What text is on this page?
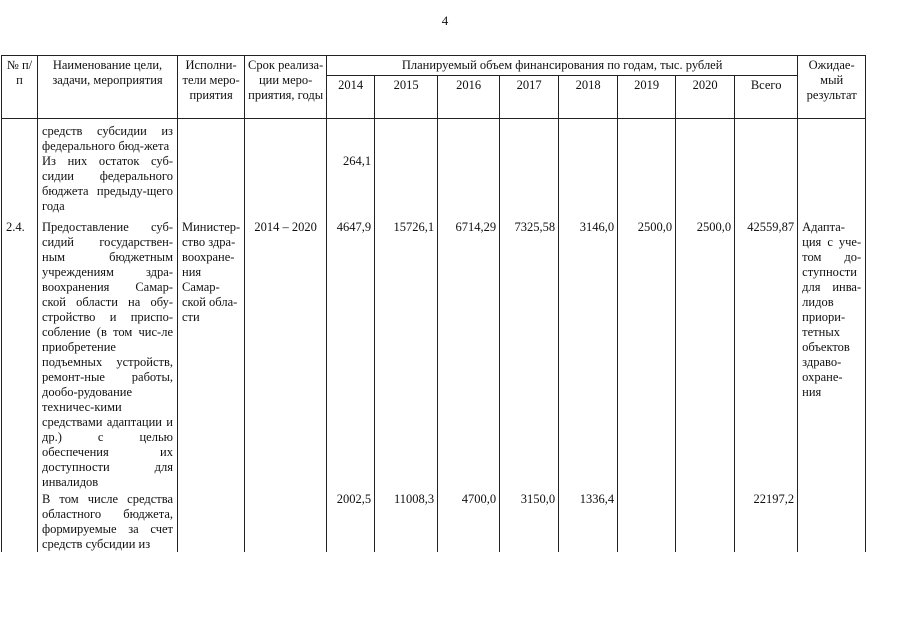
4
№ п/п	Наименование цели, задачи, мероприятия	Исполни-тели меро-приятия	Срок реализа-ции меро-приятия, годы	Планируемый объем финансирования по годам, тыс. рублей								Ожидае-мый результат
				2014	2015	2016	2017	2018	2019	2020	Всего	

	средств субсидии из федерального бюд-жета											
	Из них остаток суб-сидии федерального бюджета предыду-щего года			264,1								
2.4.	Предоставление суб-сидий государствен-ным бюджетным учреждениям здра-воохранения Самар-ской области на обу-стройство и приспо-собление (в том чис-ле приобретение подъемных устройств, ремонт-ные работы, дообо-рудование техничес-кими средствами адаптации и др.) с целью обеспечения их доступности для инвалидов	Министер-ство здра-воохране-ния Самар-ской обла-сти	2014 – 2020	4647,9	15726,1	6714,29	7325,58	3146,0	2500,0	2500,0	42559,87	Адапта-ция с уче-том до-ступности для инва-лидов приори-тетных объектов здраво-охране-ния
	В том числе средства областного бюджета, формируемые за счет средств субсидии из			2002,5	11008,3	4700,0	3150,0	1336,4			22197,2	
